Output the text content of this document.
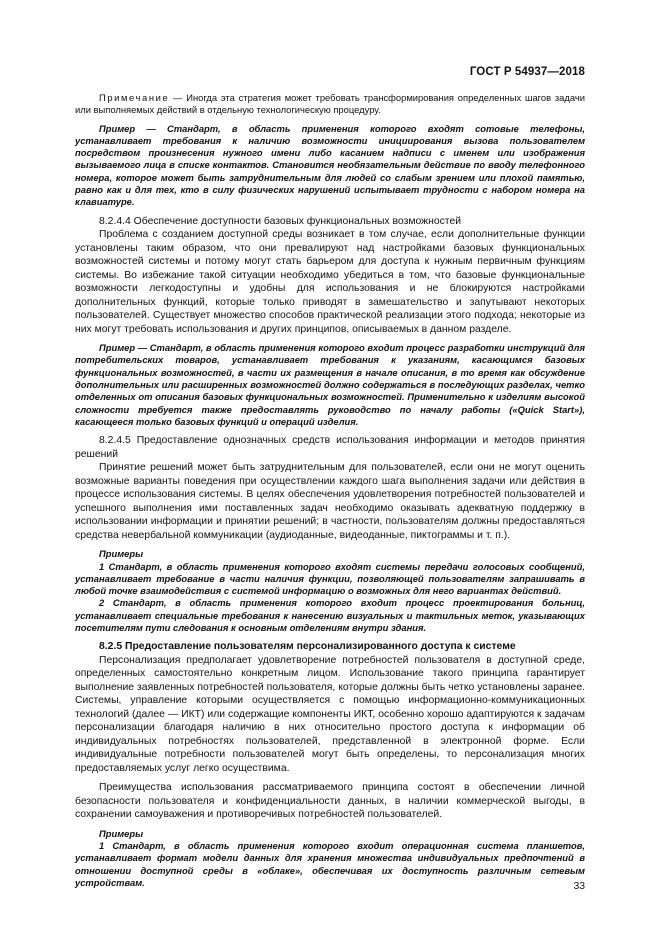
ГОСТ Р 54937—2018

Примечание — Иногда эта стратегия может требовать трансформирования определенных шагов задачи или выполняемых действий в отдельную технологическую процедуру.

Пример — Стандарт, в область применения которого входят сотовые телефоны, устанавливает требования к наличию возможности инициирования вызова пользователем посредством произнесения нужного имени либо касанием надписи с именем или изображения вызываемого лица в списке контактов. Становится необязательным действие по вводу телефонного номера, которое может быть затруднительным для людей со слабым зрением или плохой памятью, равно как и для тех, кто в силу физических нарушений испытывает трудности с набором номера на клавиатуре.

8.2.4.4 Обеспечение доступности базовых функциональных возможностей

Проблема с созданием доступной среды возникает в том случае, если дополнительные функции установлены таким образом, что они превалируют над настройками базовых функциональных возможностей системы и потому могут стать барьером для доступа к нужным первичным функциям системы. Во избежание такой ситуации необходимо убедиться в том, что базовые функциональные возможности легкодоступны и удобны для использования и не блокируются настройками дополнительных функций, которые только приводят в замешательство и запутывают некоторых пользователей. Существует множество способов практической реализации этого подхода; некоторые из них могут требовать использования и других принципов, описываемых в данном разделе.

Пример — Стандарт, в область применения которого входит процесс разработки инструкций для потребительских товаров, устанавливает требования к указаниям, касающимся базовых функциональных возможностей, в части их размещения в начале описания, в то время как обсуждение дополнительных или расширенных возможностей должно содержаться в последующих разделах, четко отделенных от описания базовых функциональных возможностей. Применительно к изделиям высокой сложности требуется также предоставлять руководство по началу работы («Quick Start»), касающееся только базовых функций и операций изделия.

8.2.4.5 Предоставление однозначных средств использования информации и методов принятия решений

Принятие решений может быть затруднительным для пользователей, если они не могут оценить возможные варианты поведения при осуществлении каждого шага выполнения задачи или действия в процессе использования системы. В целях обеспечения удовлетворения потребностей пользователей и успешного выполнения ими поставленных задач необходимо оказывать адекватную поддержку в использовании информации и принятии решений; в частности, пользователям должны предоставляться средства невербальной коммуникации (аудиоданные, видеоданные, пиктограммы и т. п.).

Примеры

1 Стандарт, в область применения которого входят системы передачи голосовых сообщений, устанавливает требование в части наличия функции, позволяющей пользователям запрашивать в любой точке взаимодействия с системой информацию о возможных для него вариантах действий.

2 Стандарт, в область применения которого входит процесс проектирования больниц, устанавливает специальные требования к нанесению визуальных и тактильных меток, указывающих посетителям пути следования к основным отделениям внутри здания.

8.2.5 Предоставление пользователям персонализированного доступа к системе

Персонализация предполагает удовлетворение потребностей пользователя в доступной среде, определенных самостоятельно конкретным лицом. Использование такого принципа гарантирует выполнение заявленных потребностей пользователя, которые должны быть четко установлены заранее. Системы, управление которыми осуществляется с помощью информационно-коммуникационных технологий (далее — ИКТ) или содержащие компоненты ИКТ, особенно хорошо адаптируются к задачам персонализации благодаря наличию в них относительно простого доступа к информации об индивидуальных потребностях пользователей, представленной в электронной форме. Если индивидуальные потребности пользователей могут быть определены, то персонализация многих предоставляемых услуг легко осуществима.

Преимущества использования рассматриваемого принципа состоят в обеспечении личной безопасности пользователя и конфиденциальности данных, в наличии коммерческой выгоды, в сохранении самоуважения и противоречивых потребностей пользователей.

Примеры

1 Стандарт, в область применения которого входит операционная система планшетов, устанавливает формат модели данных для хранения множества индивидуальных предпочтений в отношении доступной среды в «облаке», обеспечивая их доступность различным сетевым устройствам.	33
